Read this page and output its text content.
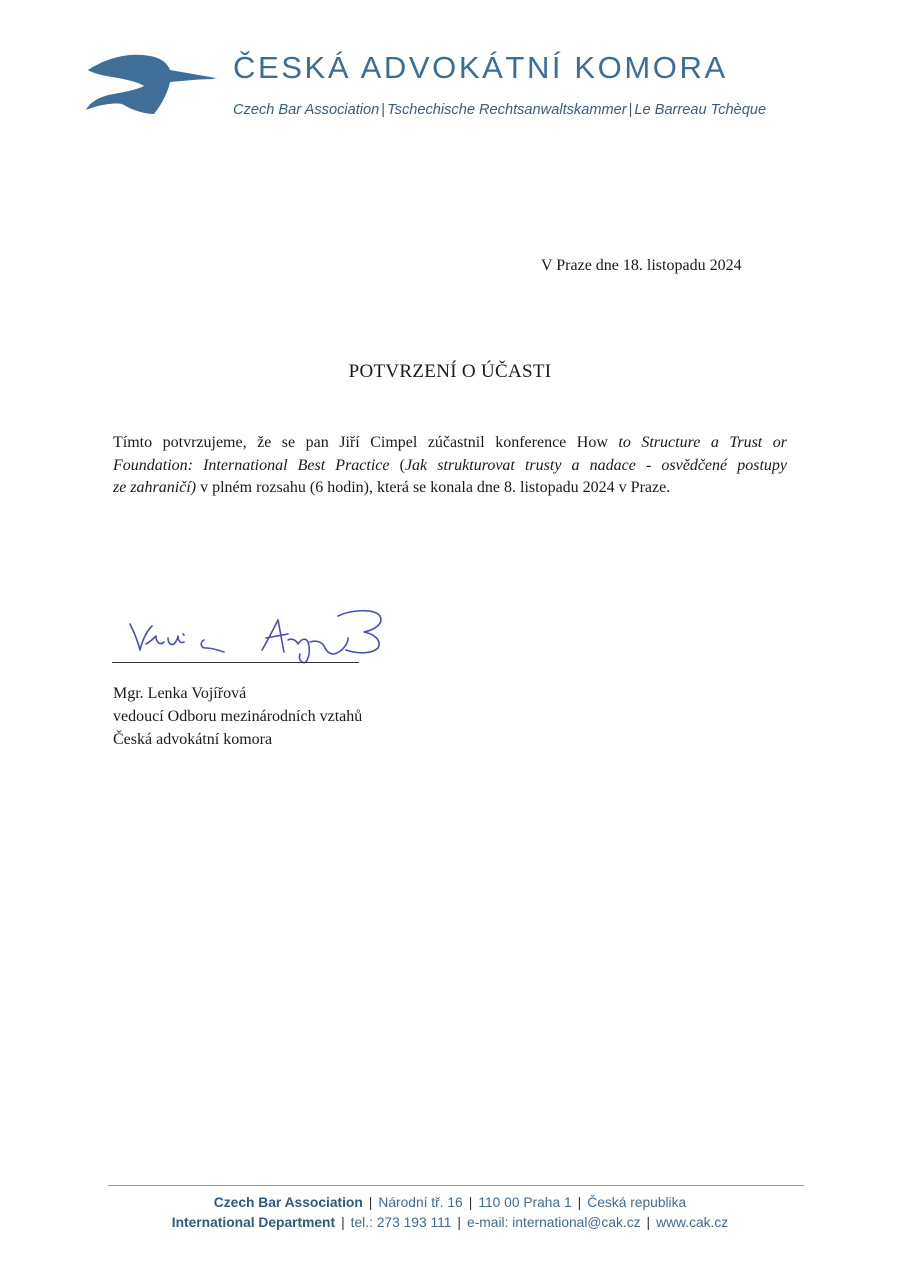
ČESKÁ ADVOKÁTNÍ KOMORA
Czech Bar Association | Tschechische Rechtsanwaltskammer | Le Barreau Tchèque
V Praze dne 18. listopadu 2024
POTVRZENÍ O ÚČASTI
Tímto potvrzujeme, že se pan Jiří Cimpel zúčastnil konference How to Structure a Trust or
Foundation: International Best Practice (Jak strukturovat trusty a nadace - osvědčené postupy
ze zahraničí) v plném rozsahu (6 hodin), která se konala dne 8. listopadu 2024 v Praze.
Mgr. Lenka Vojířová
vedoucí Odboru mezinárodních vztahů
Česká advokátní komora
Czech Bar Association | Národní tř. 16 | 110 00 Praha 1 | Česká republika
International Department | tel.: 273 193 111 | e-mail: international@cak.cz | www.cak.cz
